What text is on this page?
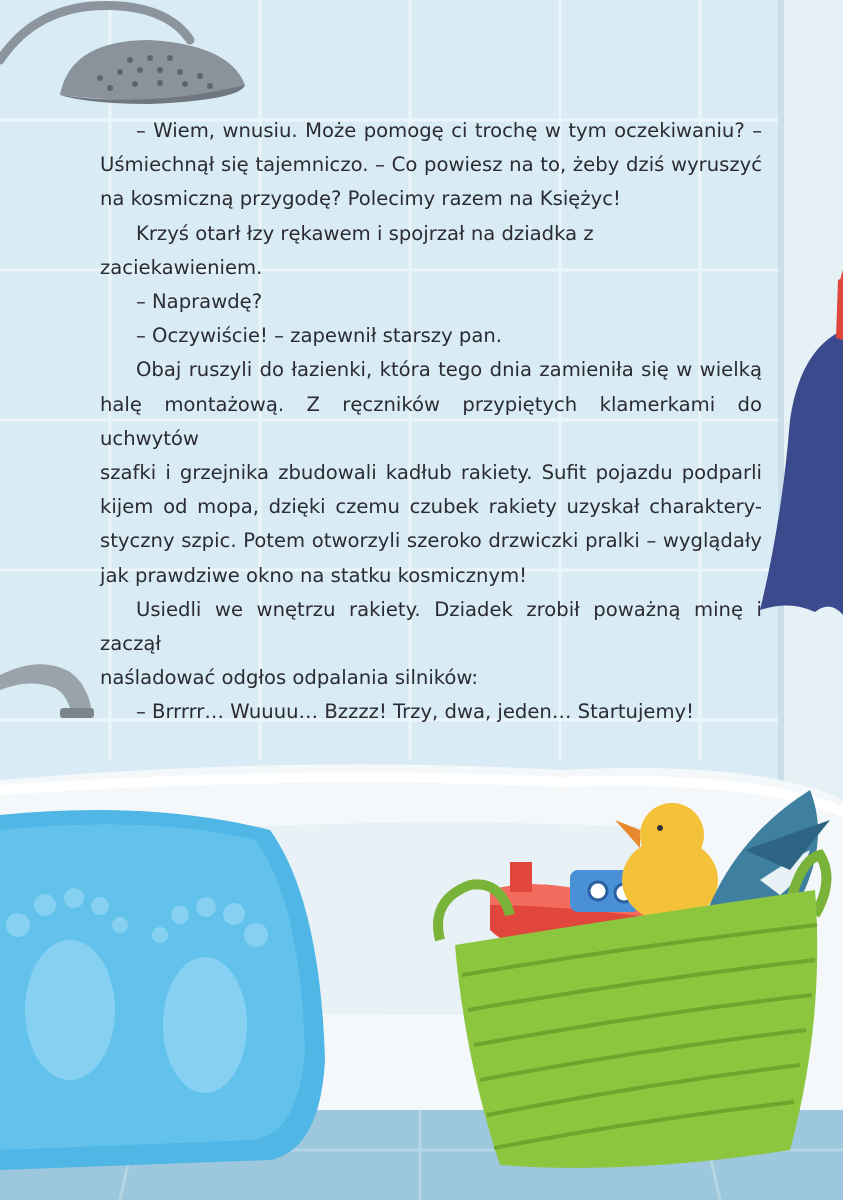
– Wiem, wnusiu. Może pomogę ci trochę w tym oczekiwaniu? –

Uśmiechnął się tajemniczo. – Co powiesz na to, żeby dziś wyruszyć

na kosmiczną przygodę? Polecimy razem na Księżyc!

Krzyś otarł łzy rękawem i spojrzał na dziadka z zaciekawieniem.

– Naprawdę?

– Oczywiście! – zapewnił starszy pan.

Obaj ruszyli do łazienki, która tego dnia zamieniła się w wielką

halę montażową. Z ręczników przypiętych klamerkami do uchwytów

szafki i grzejnika zbudowali kadłub rakiety. Sufit pojazdu podparli

kijem od mopa, dzięki czemu czubek rakiety uzyskał charaktery-

styczny szpic. Potem otworzyli szeroko drzwiczki pralki – wyglądały

jak prawdziwe okno na statku kosmicznym!

Usiedli we wnętrzu rakiety. Dziadek zrobił poważną minę i zaczął

naśladować odgłos odpalania silników:

– Brrrrr… Wuuuu… Bzzzz! Trzy, dwa, jeden… Startujemy!
